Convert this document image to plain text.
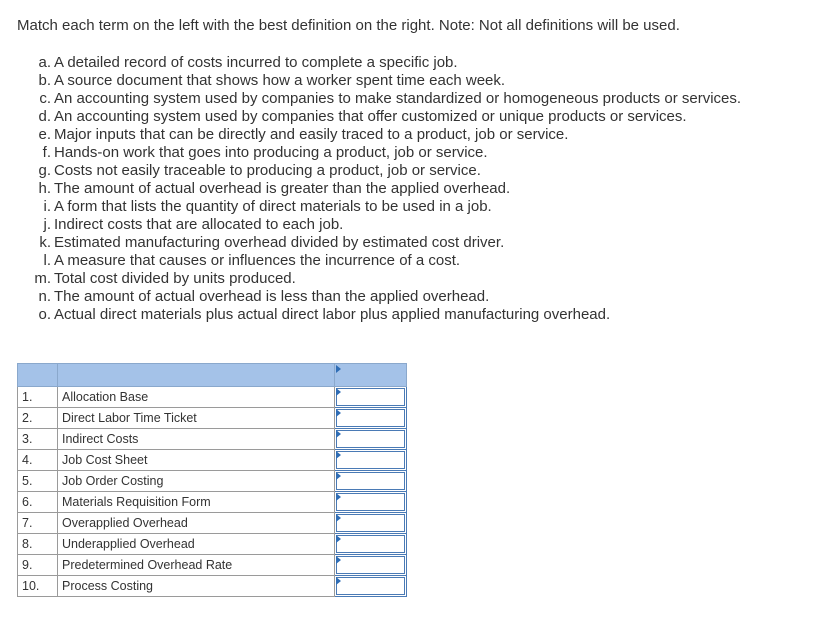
Match each term on the left with the best definition on the right. Note: Not all definitions will be used.
a. A detailed record of costs incurred to complete a specific job.
b. A source document that shows how a worker spent time each week.
c. An accounting system used by companies to make standardized or homogeneous products or services.
d. An accounting system used by companies that offer customized or unique products or services.
e. Major inputs that can be directly and easily traced to a product, job or service.
f. Hands-on work that goes into producing a product, job or service.
g. Costs not easily traceable to producing a product, job or service.
h. The amount of actual overhead is greater than the applied overhead.
i. A form that lists the quantity of direct materials to be used in a job.
j. Indirect costs that are allocated to each job.
k. Estimated manufacturing overhead divided by estimated cost driver.
l. A measure that causes or influences the incurrence of a cost.
m. Total cost divided by units produced.
n. The amount of actual overhead is less than the applied overhead.
o. Actual direct materials plus actual direct labor plus applied manufacturing overhead.

1.	Allocation Base	

2.	Direct Labor Time Ticket	

3.	Indirect Costs	

4.	Job Cost Sheet	

5.	Job Order Costing	

6.	Materials Requisition Form	

7.	Overapplied Overhead	

8.	Underapplied Overhead	

9.	Predetermined Overhead Rate	

10.	Process Costing	
